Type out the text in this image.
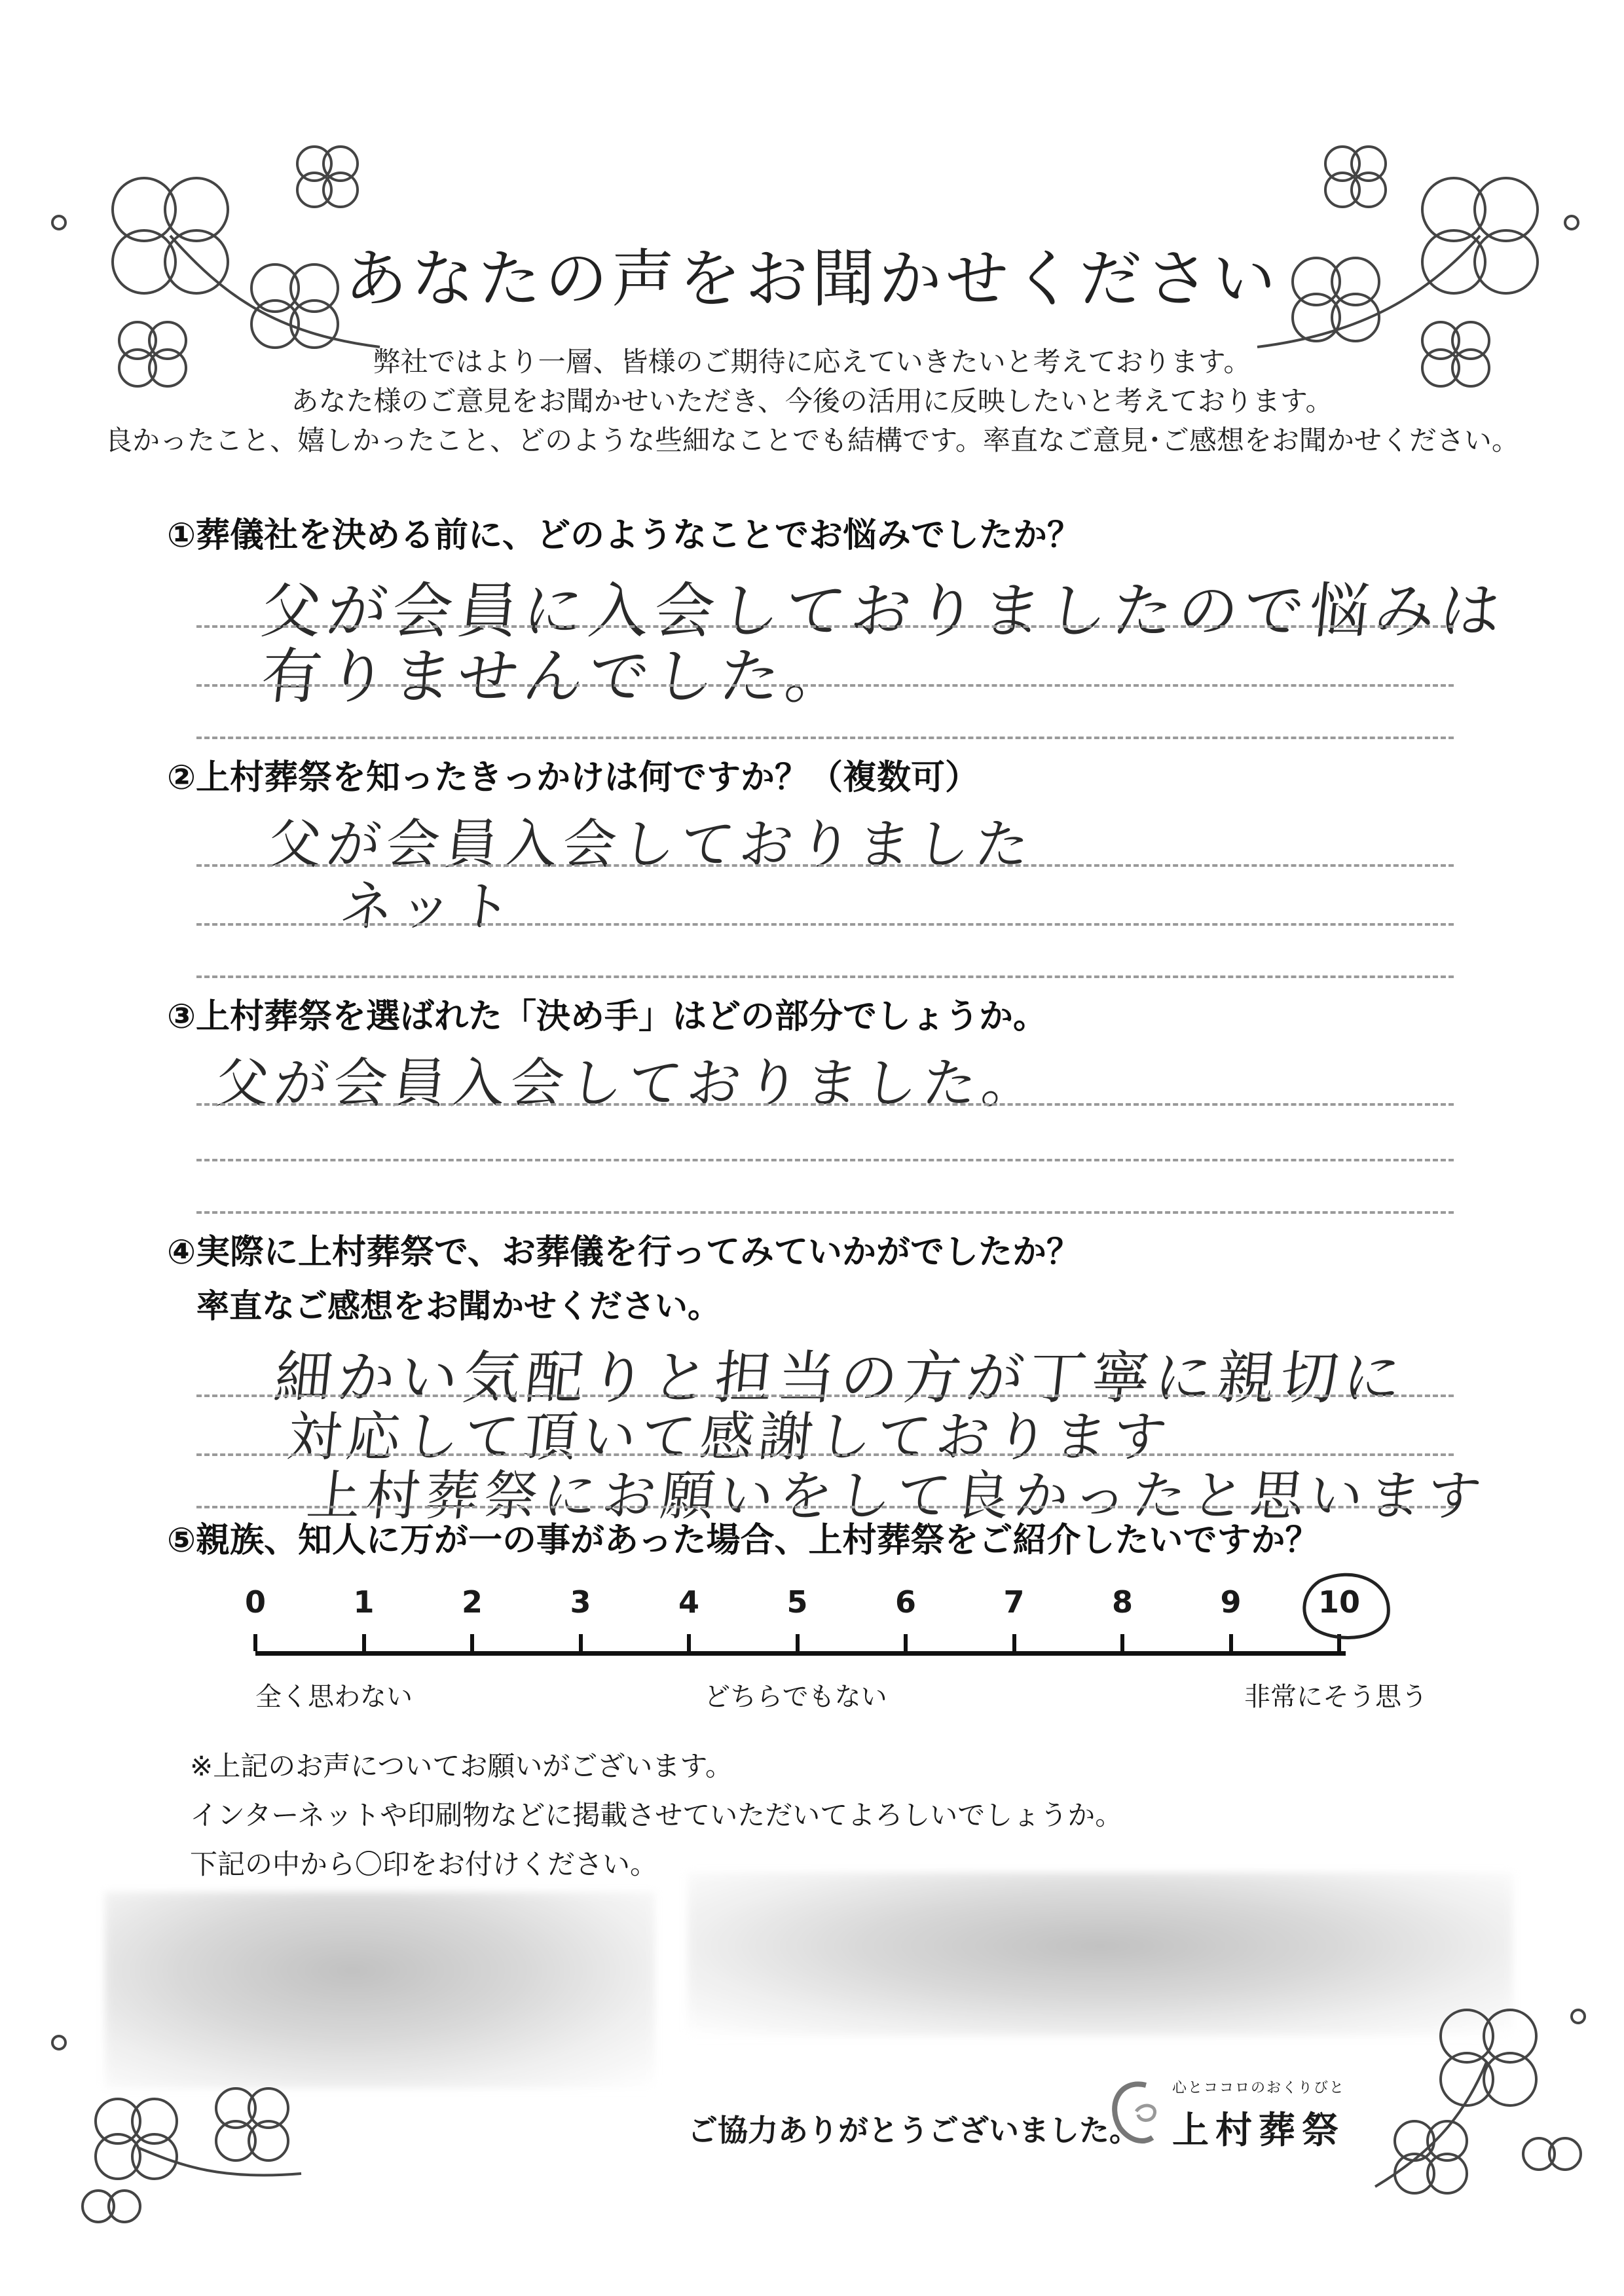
あなたの声をお聞かせください
弊社ではより一層、皆様のご期待に応えていきたいと考えております。
あなた様のご意見をお聞かせいただき、今後の活用に反映したいと考えております。
良かったこと、嬉しかったこと、どのような些細なことでも結構です。率直なご意見･ご感想をお聞かせください。
①葬儀社を決める前に、どのようなことでお悩みでしたか？
父が会員に入会しておりましたので悩みは
有りませんでした。
②上村葬祭を知ったきっかけは何ですか？（複数可）
父が会員入会しておりました
ネット
③上村葬祭を選ばれた「決め手」はどの部分でしょうか。
父が会員入会しておりました。
④実際に上村葬祭で、お葬儀を行ってみていかがでしたか？
率直なご感想をお聞かせください。
細かい気配りと担当の方が丁寧に親切に
対応して頂いて感謝しております
上村葬祭にお願いをして良かったと思います
⑤親族、知人に万が一の事があった場合、上村葬祭をご紹介したいですか？
0	1	2	3	4	5	6	7	8	9	10
全く思わない	どちらでもない	非常にそう思う
※上記のお声についてお願いがございます。
インターネットや印刷物などに掲載させていただいてよろしいでしょうか。
下記の中から〇印をお付けください。
ご協力ありがとうございました。
心とココロのおくりびと
上村葬祭
